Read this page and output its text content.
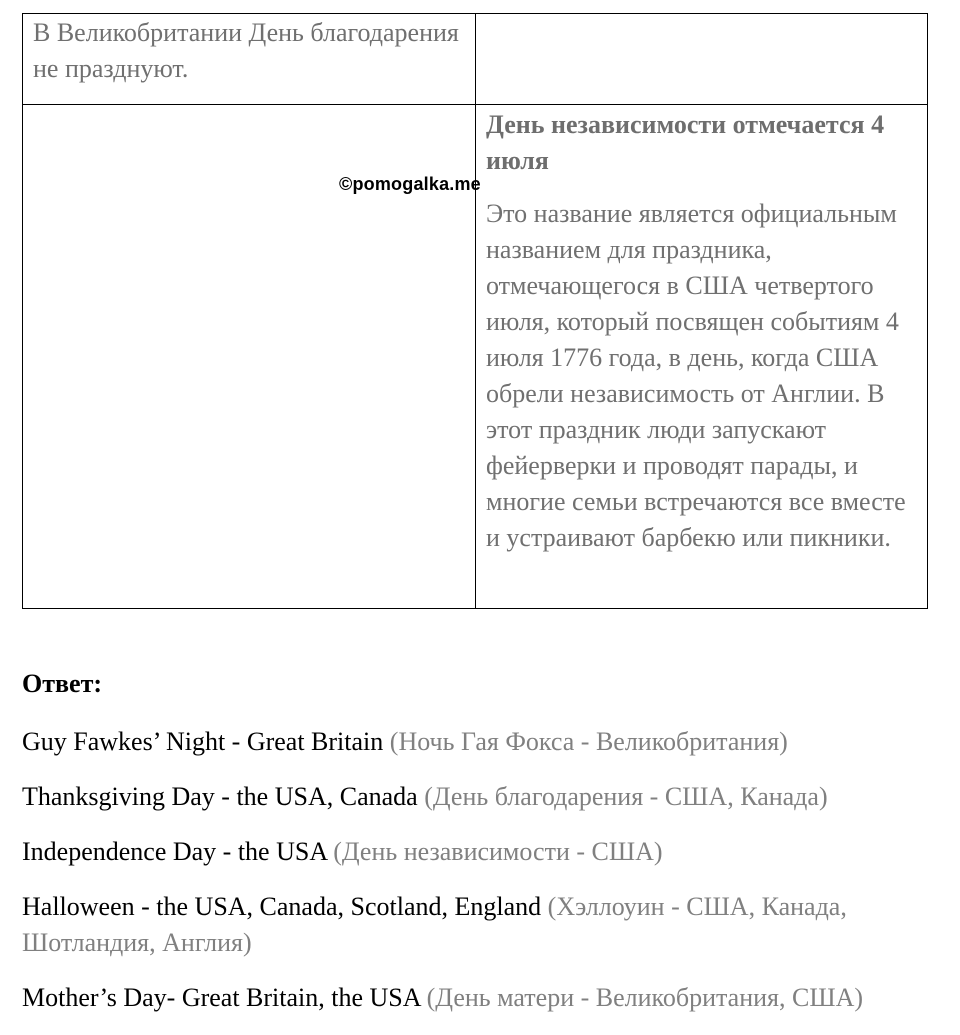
В Великобритании День благодарения не празднуют.	

	День независимости отмечается 4 июля
Это название является официальным названием для праздника, отмечающегося в США четвертого июля, который посвящен событиям 4 июля 1776 года, в день, когда США обрели независимость от Англии. В этот праздник люди запускают фейерверки и проводят парады, и многие семьи встречаются все вместе и устраивают барбекю или пикники.
©pomogalka.me
Ответ:
Guy Fawkes’ Night - Great Britain (Ночь Гая Фокса - Великобритания)
Thanksgiving Day - the USA, Canada (День благодарения - США, Канада)
Independence Day - the USA (День независимости - США)
Halloween - the USA, Canada, Scotland, England (Хэллоуин - США, Канада, Шотландия, Англия)
Mother’s Day- Great Britain, the USA (День матери - Великобритания, США)
